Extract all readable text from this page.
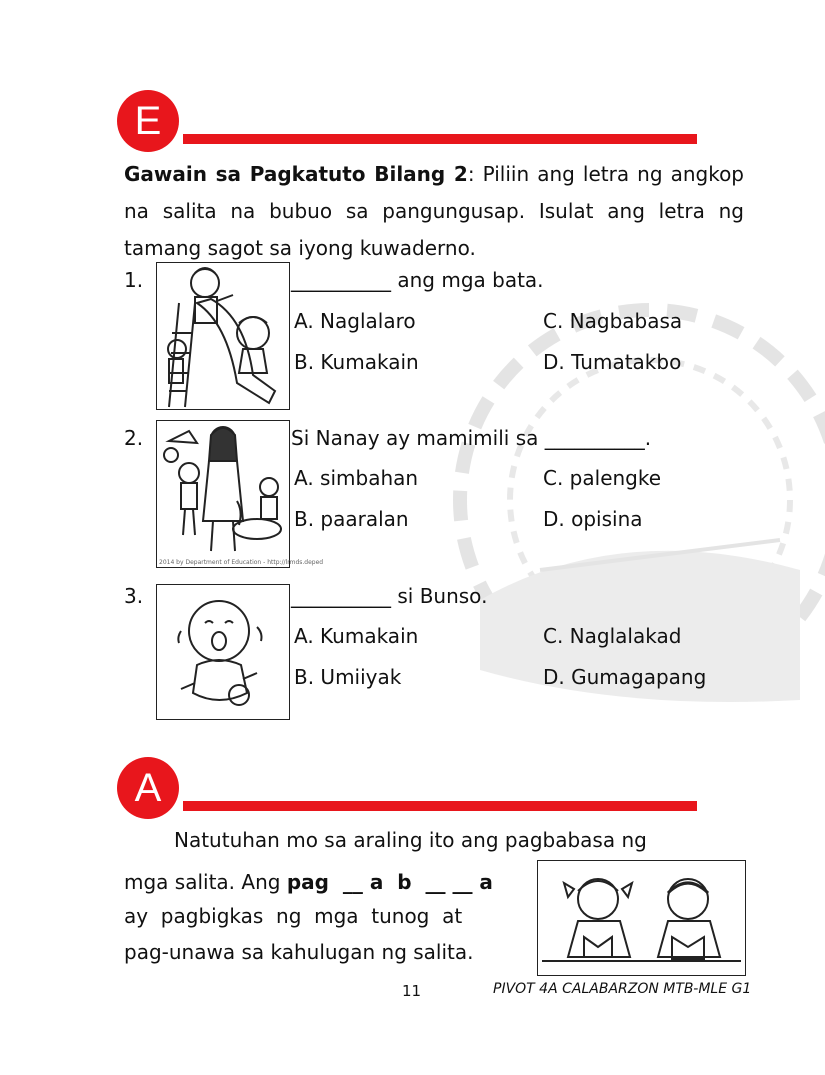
E
Gawain sa Pagkatuto Bilang 2: Piliin ang letra ng angkop na salita na bubuo sa pangungusap. Isulat ang letra ng tamang sagot sa iyong kuwaderno.
1.	__________ ang mga bata.
A. Naglalaro
B. Kumakain
C. Nagbabasa
D. Tumatakbo
2.
2014 by Department of Education - http://lrmds.deped
Si Nanay ay mamimili sa __________.
A. simbahan
B. paaralan
C. palengke
D. opisina
3.	__________ si Bunso.
A. Kumakain
B. Umiiyak
C. Naglalakad
D. Gumagapang
A
Natutuhan mo sa araling ito ang pagbabasa ng
mga salita. Ang pag  __ a  b  __ __ a
ay  pagbigkas  ng  mga  tunog  at
pag-unawa sa kahulugan ng salita.
11	PIVOT 4A CALABARZON MTB-MLE G1
